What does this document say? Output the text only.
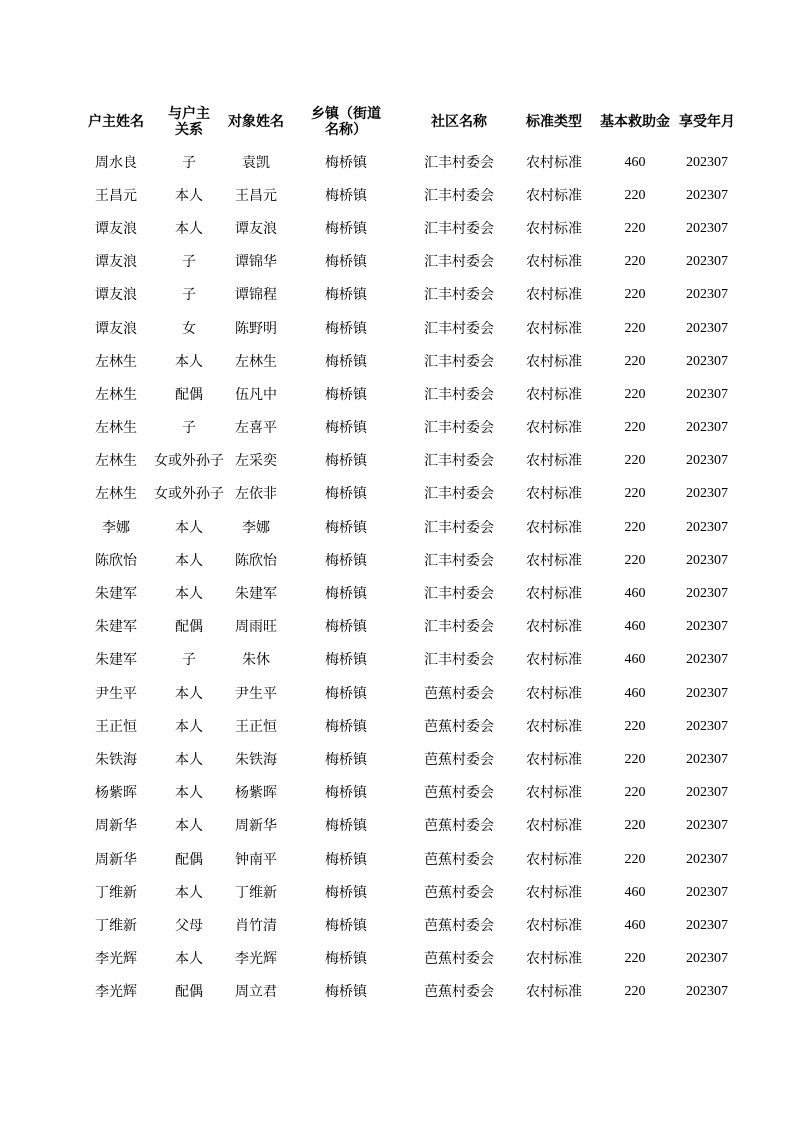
户主姓名	与户主关系	对象姓名	乡镇（街道名称）	社区名称	标准类型	基本救助金	享受年月
周水良	子	袁凯	梅桥镇	汇丰村委会	农村标准	460	202307
王昌元	本人	王昌元	梅桥镇	汇丰村委会	农村标准	220	202307
谭友浪	本人	谭友浪	梅桥镇	汇丰村委会	农村标准	220	202307
谭友浪	子	谭锦华	梅桥镇	汇丰村委会	农村标准	220	202307
谭友浪	子	谭锦程	梅桥镇	汇丰村委会	农村标准	220	202307
谭友浪	女	陈野明	梅桥镇	汇丰村委会	农村标准	220	202307
左林生	本人	左林生	梅桥镇	汇丰村委会	农村标准	220	202307
左林生	配偶	伍凡中	梅桥镇	汇丰村委会	农村标准	220	202307
左林生	子	左喜平	梅桥镇	汇丰村委会	农村标准	220	202307
左林生	女或外孙子	左采奕	梅桥镇	汇丰村委会	农村标准	220	202307
左林生	女或外孙子	左依非	梅桥镇	汇丰村委会	农村标准	220	202307
李娜	本人	李娜	梅桥镇	汇丰村委会	农村标准	220	202307
陈欣怡	本人	陈欣怡	梅桥镇	汇丰村委会	农村标准	220	202307
朱建军	本人	朱建军	梅桥镇	汇丰村委会	农村标准	460	202307
朱建军	配偶	周雨旺	梅桥镇	汇丰村委会	农村标准	460	202307
朱建军	子	朱休	梅桥镇	汇丰村委会	农村标准	460	202307
尹生平	本人	尹生平	梅桥镇	芭蕉村委会	农村标准	460	202307
王正恒	本人	王正恒	梅桥镇	芭蕉村委会	农村标准	220	202307
朱铁海	本人	朱铁海	梅桥镇	芭蕉村委会	农村标准	220	202307
杨紫晖	本人	杨紫晖	梅桥镇	芭蕉村委会	农村标准	220	202307
周新华	本人	周新华	梅桥镇	芭蕉村委会	农村标准	220	202307
周新华	配偶	钟南平	梅桥镇	芭蕉村委会	农村标准	220	202307
丁维新	本人	丁维新	梅桥镇	芭蕉村委会	农村标准	460	202307
丁维新	父母	肖竹清	梅桥镇	芭蕉村委会	农村标准	460	202307
李光辉	本人	李光辉	梅桥镇	芭蕉村委会	农村标准	220	202307
李光辉	配偶	周立君	梅桥镇	芭蕉村委会	农村标准	220	202307
